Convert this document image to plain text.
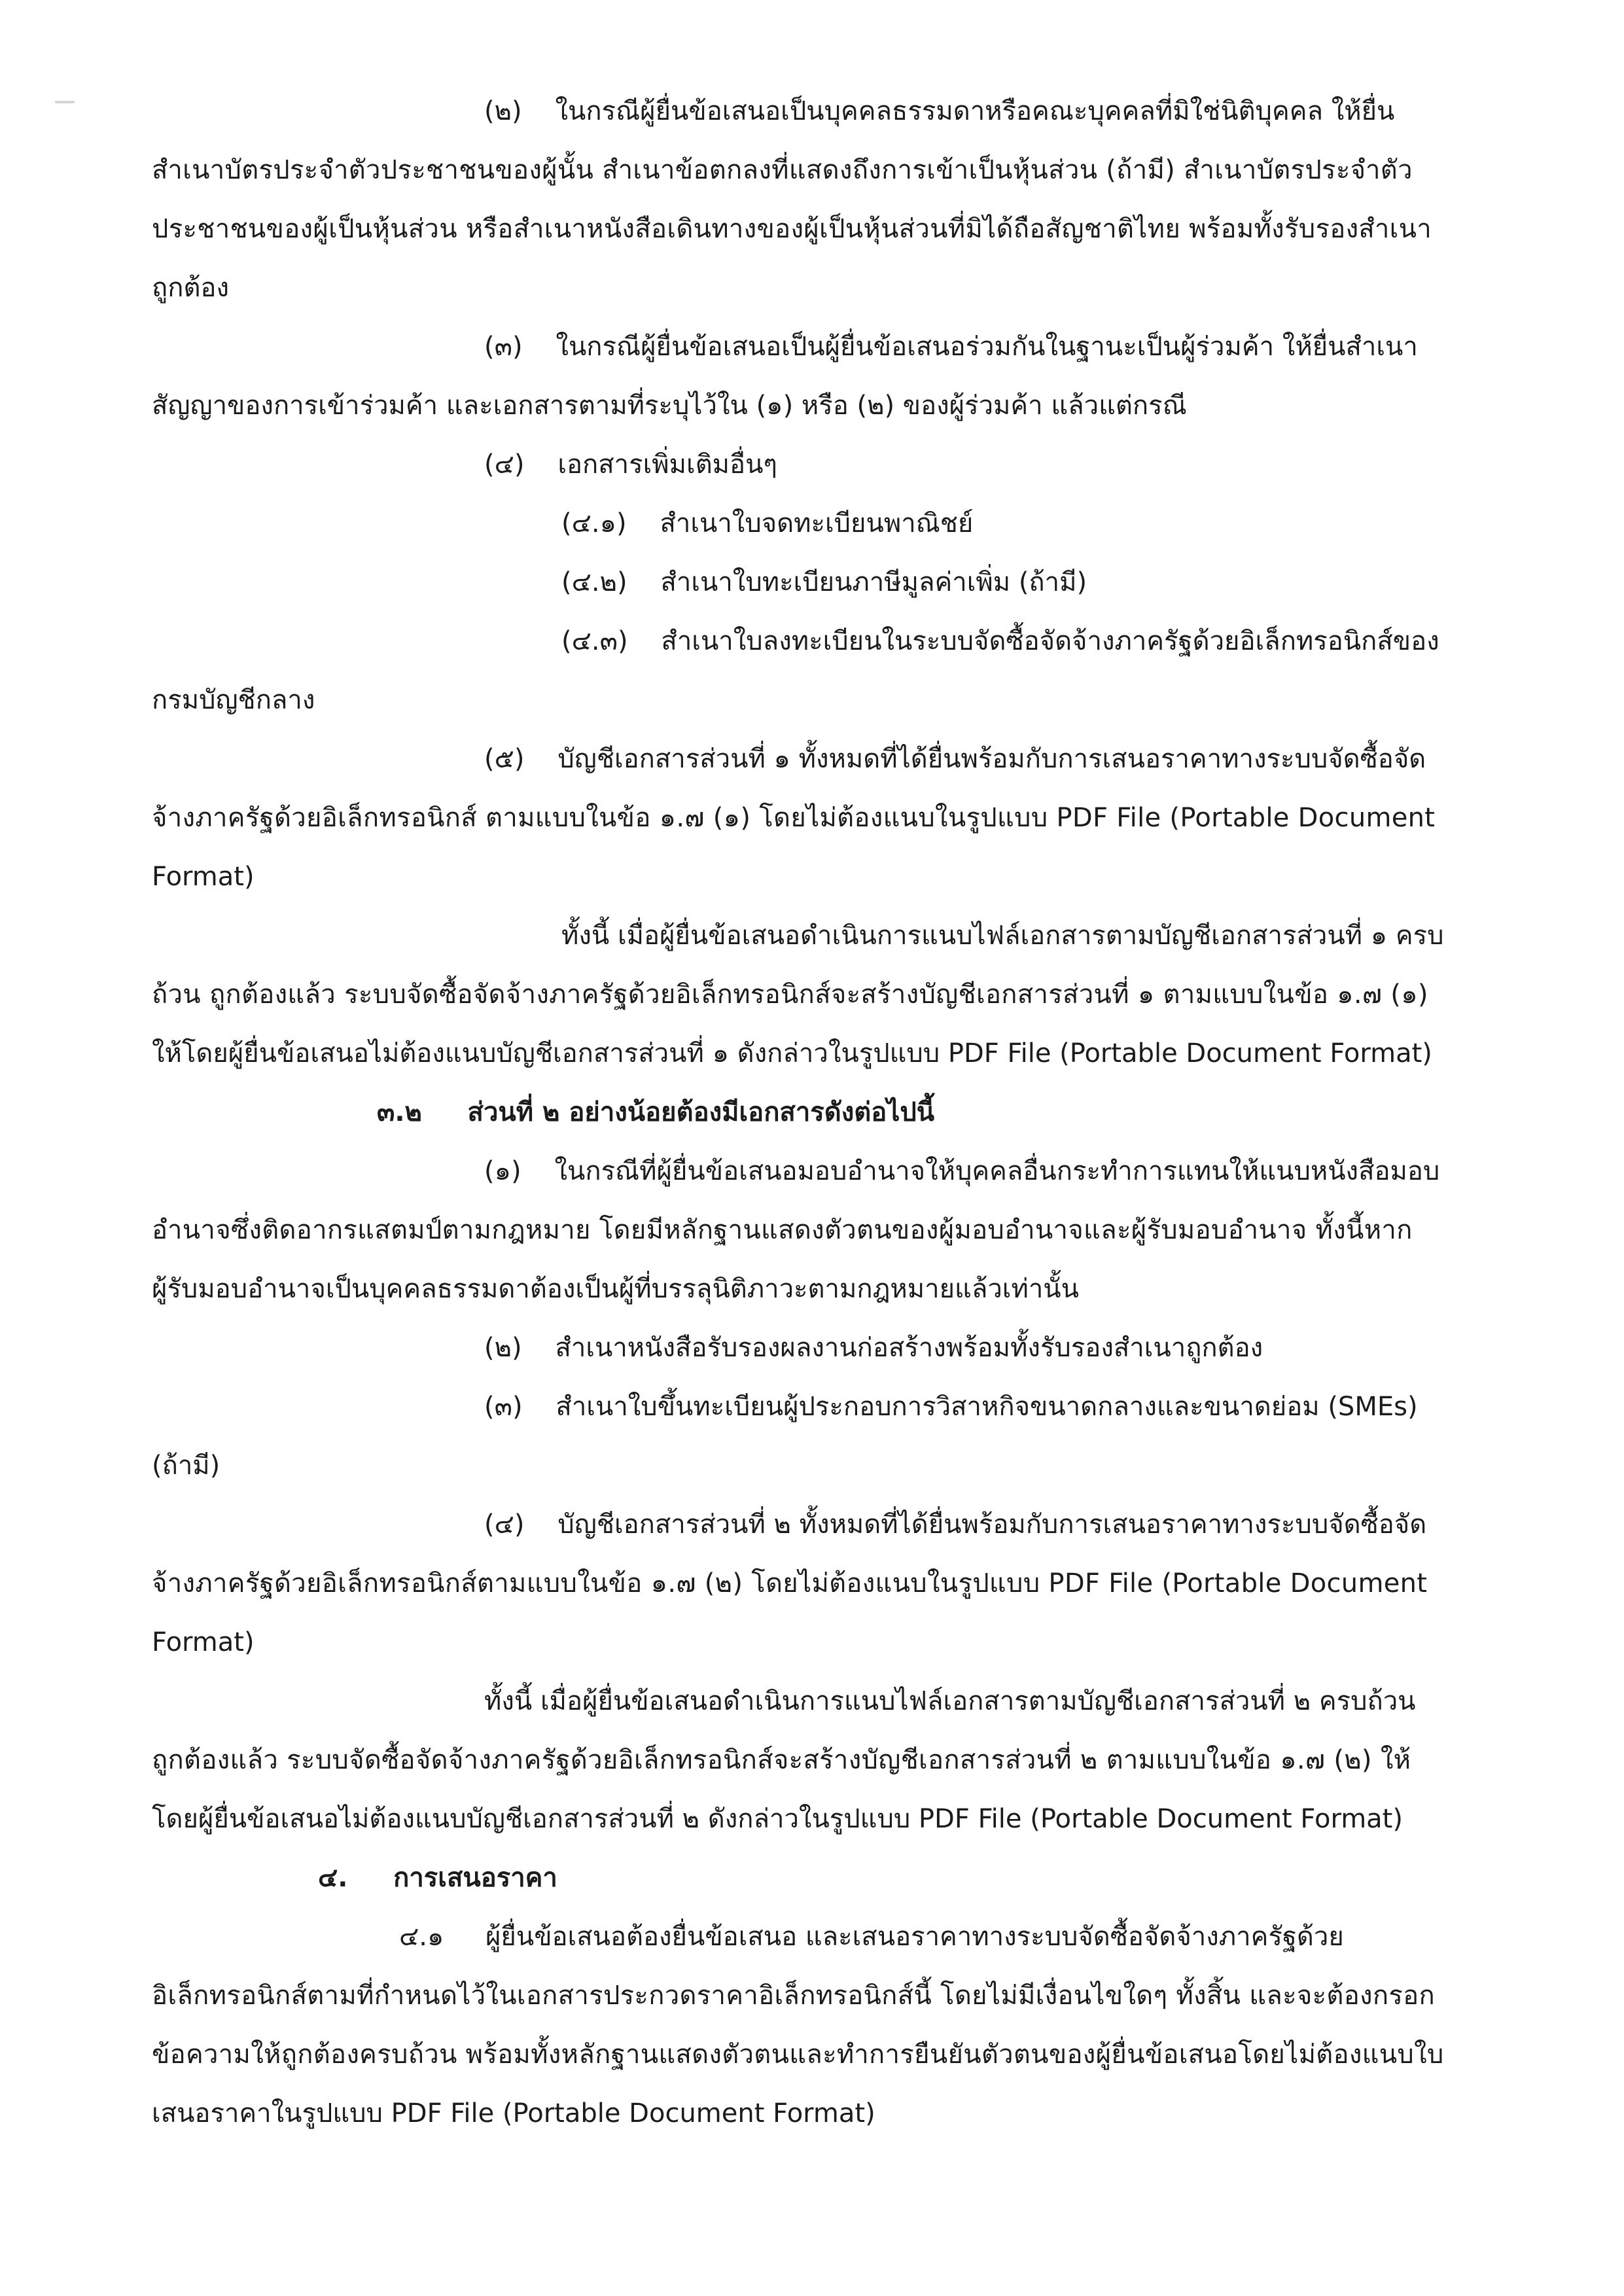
(๒) ในกรณีผู้ยื่นข้อเสนอเป็นบุคคลธรรมดาหรือคณะบุคคลที่มิใช่นิติบุคคล ให้ยื่น

สำเนาบัตรประจำตัวประชาชนของผู้นั้น สำเนาข้อตกลงที่แสดงถึงการเข้าเป็นหุ้นส่วน (ถ้ามี) สำเนาบัตรประจำตัว

ประชาชนของผู้เป็นหุ้นส่วน หรือสำเนาหนังสือเดินทางของผู้เป็นหุ้นส่วนที่มิได้ถือสัญชาติไทย พร้อมทั้งรับรองสำเนา

ถูกต้อง

(๓) ในกรณีผู้ยื่นข้อเสนอเป็นผู้ยื่นข้อเสนอร่วมกันในฐานะเป็นผู้ร่วมค้า ให้ยื่นสำเนา

สัญญาของการเข้าร่วมค้า และเอกสารตามที่ระบุไว้ใน (๑) หรือ (๒) ของผู้ร่วมค้า แล้วแต่กรณี

(๔) เอกสารเพิ่มเติมอื่นๆ

(๔.๑) สำเนาใบจดทะเบียนพาณิชย์

(๔.๒) สำเนาใบทะเบียนภาษีมูลค่าเพิ่ม (ถ้ามี)

(๔.๓) สำเนาใบลงทะเบียนในระบบจัดซื้อจัดจ้างภาครัฐด้วยอิเล็กทรอนิกส์ของ

กรมบัญชีกลาง

(๕) บัญชีเอกสารส่วนที่ ๑ ทั้งหมดที่ได้ยื่นพร้อมกับการเสนอราคาทางระบบจัดซื้อจัด

จ้างภาครัฐด้วยอิเล็กทรอนิกส์ ตามแบบในข้อ ๑.๗ (๑) โดยไม่ต้องแนบในรูปแบบ PDF File (Portable Document

Format)

ทั้งนี้ เมื่อผู้ยื่นข้อเสนอดำเนินการแนบไฟล์เอกสารตามบัญชีเอกสารส่วนที่ ๑ ครบ

ถ้วน ถูกต้องแล้ว ระบบจัดซื้อจัดจ้างภาครัฐด้วยอิเล็กทรอนิกส์จะสร้างบัญชีเอกสารส่วนที่ ๑ ตามแบบในข้อ ๑.๗ (๑)

ให้โดยผู้ยื่นข้อเสนอไม่ต้องแนบบัญชีเอกสารส่วนที่ ๑ ดังกล่าวในรูปแบบ PDF File (Portable Document Format)

๓.๒ ส่วนที่ ๒ อย่างน้อยต้องมีเอกสารดังต่อไปนี้

(๑) ในกรณีที่ผู้ยื่นข้อเสนอมอบอำนาจให้บุคคลอื่นกระทำการแทนให้แนบหนังสือมอบ

อำนาจซึ่งติดอากรแสตมป์ตามกฎหมาย โดยมีหลักฐานแสดงตัวตนของผู้มอบอำนาจและผู้รับมอบอำนาจ ทั้งนี้หาก

ผู้รับมอบอำนาจเป็นบุคคลธรรมดาต้องเป็นผู้ที่บรรลุนิติภาวะตามกฎหมายแล้วเท่านั้น

(๒) สำเนาหนังสือรับรองผลงานก่อสร้างพร้อมทั้งรับรองสำเนาถูกต้อง

(๓) สำเนาใบขึ้นทะเบียนผู้ประกอบการวิสาหกิจขนาดกลางและขนาดย่อม (SMEs)

(ถ้ามี)

(๔) บัญชีเอกสารส่วนที่ ๒ ทั้งหมดที่ได้ยื่นพร้อมกับการเสนอราคาทางระบบจัดซื้อจัด

จ้างภาครัฐด้วยอิเล็กทรอนิกส์ตามแบบในข้อ ๑.๗ (๒) โดยไม่ต้องแนบในรูปแบบ PDF File (Portable Document

Format)

ทั้งนี้ เมื่อผู้ยื่นข้อเสนอดำเนินการแนบไฟล์เอกสารตามบัญชีเอกสารส่วนที่ ๒ ครบถ้วน

ถูกต้องแล้ว ระบบจัดซื้อจัดจ้างภาครัฐด้วยอิเล็กทรอนิกส์จะสร้างบัญชีเอกสารส่วนที่ ๒ ตามแบบในข้อ ๑.๗ (๒) ให้

โดยผู้ยื่นข้อเสนอไม่ต้องแนบบัญชีเอกสารส่วนที่ ๒ ดังกล่าวในรูปแบบ PDF File (Portable Document Format)

๔. การเสนอราคา

๔.๑ ผู้ยื่นข้อเสนอต้องยื่นข้อเสนอ และเสนอราคาทางระบบจัดซื้อจัดจ้างภาครัฐด้วย

อิเล็กทรอนิกส์ตามที่กำหนดไว้ในเอกสารประกวดราคาอิเล็กทรอนิกส์นี้ โดยไม่มีเงื่อนไขใดๆ ทั้งสิ้น และจะต้องกรอก

ข้อความให้ถูกต้องครบถ้วน พร้อมทั้งหลักฐานแสดงตัวตนและทำการยืนยันตัวตนของผู้ยื่นข้อเสนอโดยไม่ต้องแนบใบ

เสนอราคาในรูปแบบ PDF File (Portable Document Format)
